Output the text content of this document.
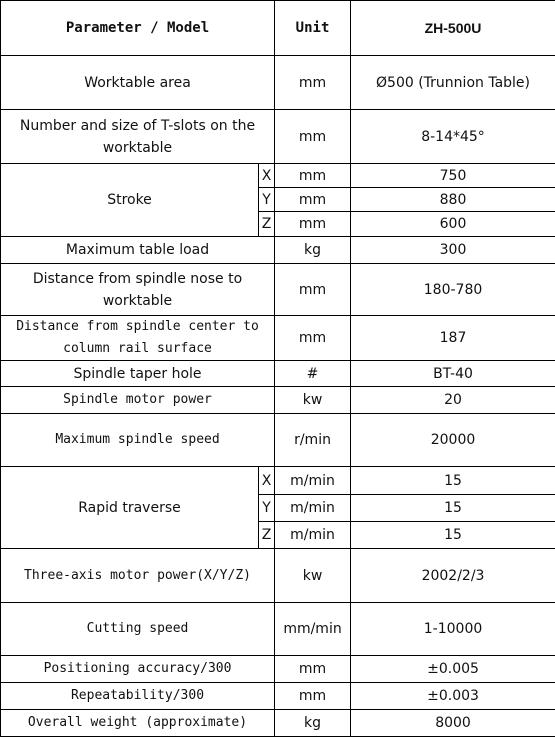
Parameter / Model		Unit	ZH-500U
Worktable area		mm	Ø500 (Trunnion Table)
Number and size of T-slots on the worktable		mm	8-14*45°
Stroke	X	mm	750
	Y	mm	880
	Z	mm	600
Maximum table load		kg	300
Distance from spindle nose to worktable		mm	180-780
Distance from spindle center to column rail surface		mm	187
Spindle taper hole		#	BT-40
Spindle motor power		kw	20
Maximum spindle speed		r/min	20000
Rapid traverse	X	m/min	15
	Y	m/min	15
	Z	m/min	15
Three-axis motor power(X/Y/Z)		kw	2002/2/3
Cutting speed		mm/min	1-10000
Positioning accuracy/300		mm	±0.005
Repeatability/300		mm	±0.003
Overall weight (approximate)		kg	8000
